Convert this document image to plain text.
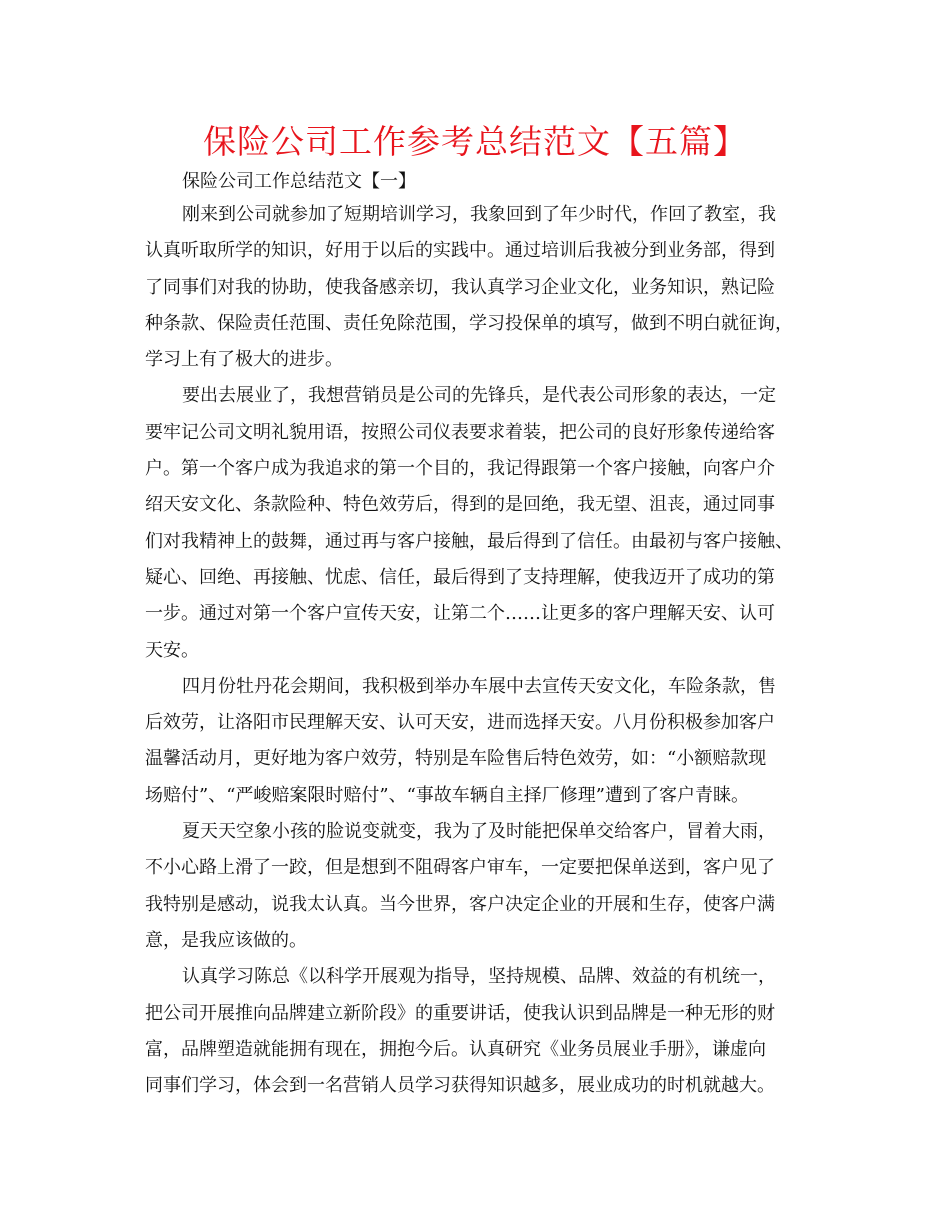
保险公司工作参考总结范文【五篇】

保险公司工作总结范文【一】

刚来到公司就参加了短期培训学习，我象回到了年少时代，作回了教室，我
认真听取所学的知识，好用于以后的实践中。通过培训后我被分到业务部，得到
了同事们对我的协助，使我备感亲切，我认真学习企业文化，业务知识，熟记险
种条款、保险责任范围、责任免除范围，学习投保单的填写，做到不明白就征询，
学习上有了极大的进步。
要出去展业了，我想营销员是公司的先锋兵，是代表公司形象的表达，一定
要牢记公司文明礼貌用语，按照公司仪表要求着装，把公司的良好形象传递给客
户。第一个客户成为我追求的第一个目的，我记得跟第一个客户接触，向客户介
绍天安文化、条款险种、特色效劳后，得到的是回绝，我无望、沮丧，通过同事
们对我精神上的鼓舞，通过再与客户接触，最后得到了信任。由最初与客户接触、
疑心、回绝、再接触、忧虑、信任，最后得到了支持理解，使我迈开了成功的第
一步。通过对第一个客户宣传天安，让第二个……让更多的客户理解天安、认可
天安。
四月份牡丹花会期间，我积极到举办车展中去宣传天安文化，车险条款，售
后效劳，让洛阳市民理解天安、认可天安，进而选择天安。八月份积极参加客户
温馨活动月，更好地为客户效劳，特别是车险售后特色效劳，如：“小额赔款现
场赔付”、“严峻赔案限时赔付”、“事故车辆自主择厂修理”遭到了客户青睐。
夏天天空象小孩的脸说变就变，我为了及时能把保单交给客户，冒着大雨，
不小心路上滑了一跤，但是想到不阻碍客户审车，一定要把保单送到，客户见了
我特别是感动，说我太认真。当今世界，客户决定企业的开展和生存，使客户满
意，是我应该做的。
认真学习陈总《以科学开展观为指导，坚持规模、品牌、效益的有机统一，
把公司开展推向品牌建立新阶段》的重要讲话，使我认识到品牌是一种无形的财
富，品牌塑造就能拥有现在，拥抱今后。认真研究《业务员展业手册》，谦虚向
同事们学习，体会到一名营销人员学习获得知识越多，展业成功的时机就越大。
